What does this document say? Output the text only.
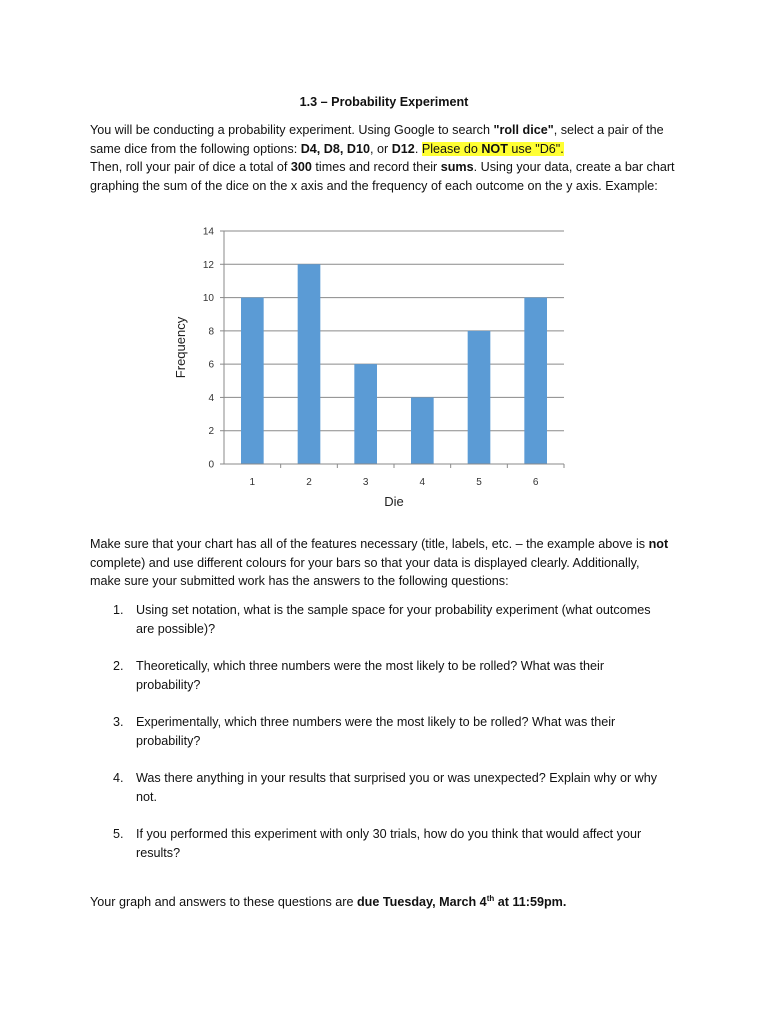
1.3 – Probability Experiment

You will be conducting a probability experiment. Using Google to search "roll dice", select a pair of the

same dice from the following options: D4, D8, D10, or D12. Please do NOT use "D6".

Then, roll your pair of dice a total of 300 times and record their sums. Using your data, create a bar chart

graphing the sum of the dice on the x axis and the frequency of each outcome on the y axis. Example:

0
2
4
6
8
10
12
14
1	2	3	4	5	6
Die
Frequency

Make sure that your chart has all of the features necessary (title, labels, etc. – the example above is not

complete) and use different colours for your bars so that your data is displayed clearly. Additionally,

make sure your submitted work has the answers to the following questions:

1. Using set notation, what is the sample space for your probability experiment (what outcomes
are possible)?
2. Theoretically, which three numbers were the most likely to be rolled? What was their
probability?
3. Experimentally, which three numbers were the most likely to be rolled? What was their
probability?
4. Was there anything in your results that surprised you or was unexpected? Explain why or why
not.
5. If you performed this experiment with only 30 trials, how do you think that would affect your
results?
Your graph and answers to these questions are due Tuesday, March 4th at 11:59pm.
